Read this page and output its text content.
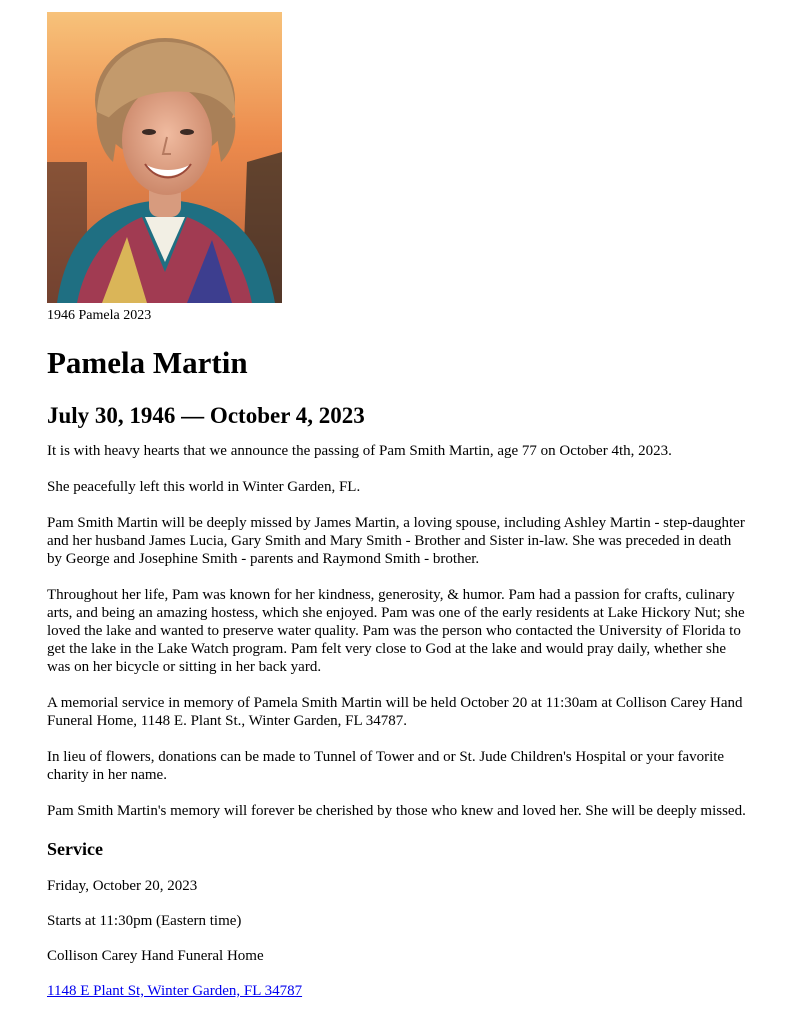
1946 Pamela 2023
Pamela Martin
July 30, 1946 — October 4, 2023

It is with heavy hearts that we announce the passing of Pam Smith Martin, age 77 on October 4th, 2023.

She peacefully left this world in Winter Garden, FL.

Pam Smith Martin will be deeply missed by James Martin, a loving spouse, including Ashley Martin - step-daughter and her husband James Lucia, Gary Smith and Mary Smith - Brother and Sister in-law. She was preceded in death by George and Josephine Smith - parents and Raymond Smith - brother.

Throughout her life, Pam was known for her kindness, generosity, & humor. Pam had a passion for crafts, culinary arts, and being an amazing hostess, which she enjoyed. Pam was one of the early residents at Lake Hickory Nut; she loved the lake and wanted to preserve water quality. Pam was the person who contacted the University of Florida to get the lake in the Lake Watch program. Pam felt very close to God at the lake and would pray daily, whether she was on her bicycle or sitting in her back yard.

A memorial service in memory of Pamela Smith Martin will be held October 20 at 11:30am at Collison Carey Hand Funeral Home, 1148 E. Plant St., Winter Garden, FL 34787.

In lieu of flowers, donations can be made to Tunnel of Tower and or St. Jude Children's Hospital or your favorite charity in her name.

Pam Smith Martin's memory will forever be cherished by those who knew and loved her. She will be deeply missed.

Service

Friday, October 20, 2023

Starts at 11:30pm (Eastern time)

Collison Carey Hand Funeral Home

1148 E Plant St, Winter Garden, FL 34787
